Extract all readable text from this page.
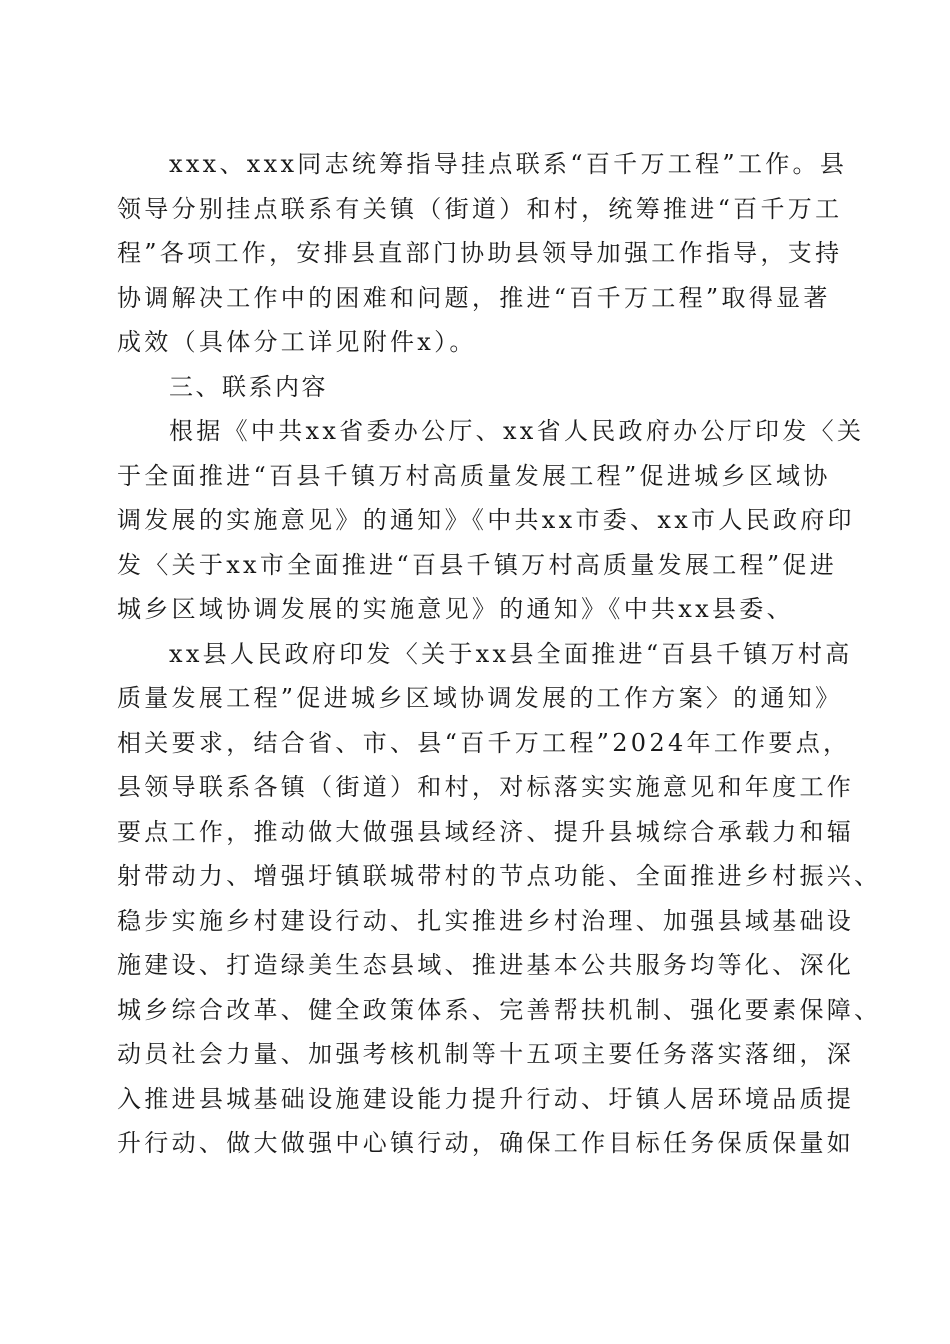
xxx、xxx同志统筹指导挂点联系“百千万工程”工作。县
领导分别挂点联系有关镇（街道）和村，统筹推进“百千万工
程”各项工作，安排县直部门协助县领导加强工作指导，支持
协调解决工作中的困难和问题，推进“百千万工程”取得显著
成效（具体分工详见附件x）。
三、联系内容
根据《中共xx省委办公厅、xx省人民政府办公厅印发〈关
于全面推进“百县千镇万村高质量发展工程”促进城乡区域协
调发展的实施意见》的通知》《中共xx市委、xx市人民政府印
发〈关于xx市全面推进“百县千镇万村高质量发展工程”促进
城乡区域协调发展的实施意见》的通知》《中共xx县委、
xx县人民政府印发〈关于xx县全面推进“百县千镇万村高
质量发展工程”促进城乡区域协调发展的工作方案〉的通知》
相关要求，结合省、市、县“百千万工程”2024年工作要点，
县领导联系各镇（街道）和村，对标落实实施意见和年度工作
要点工作，推动做大做强县域经济、提升县城综合承载力和辐
射带动力、增强圩镇联城带村的节点功能、全面推进乡村振兴、
稳步实施乡村建设行动、扎实推进乡村治理、加强县域基础设
施建设、打造绿美生态县域、推进基本公共服务均等化、深化
城乡综合改革、健全政策体系、完善帮扶机制、强化要素保障、
动员社会力量、加强考核机制等十五项主要任务落实落细，深
入推进县城基础设施建设能力提升行动、圩镇人居环境品质提
升行动、做大做强中心镇行动，确保工作目标任务保质保量如
